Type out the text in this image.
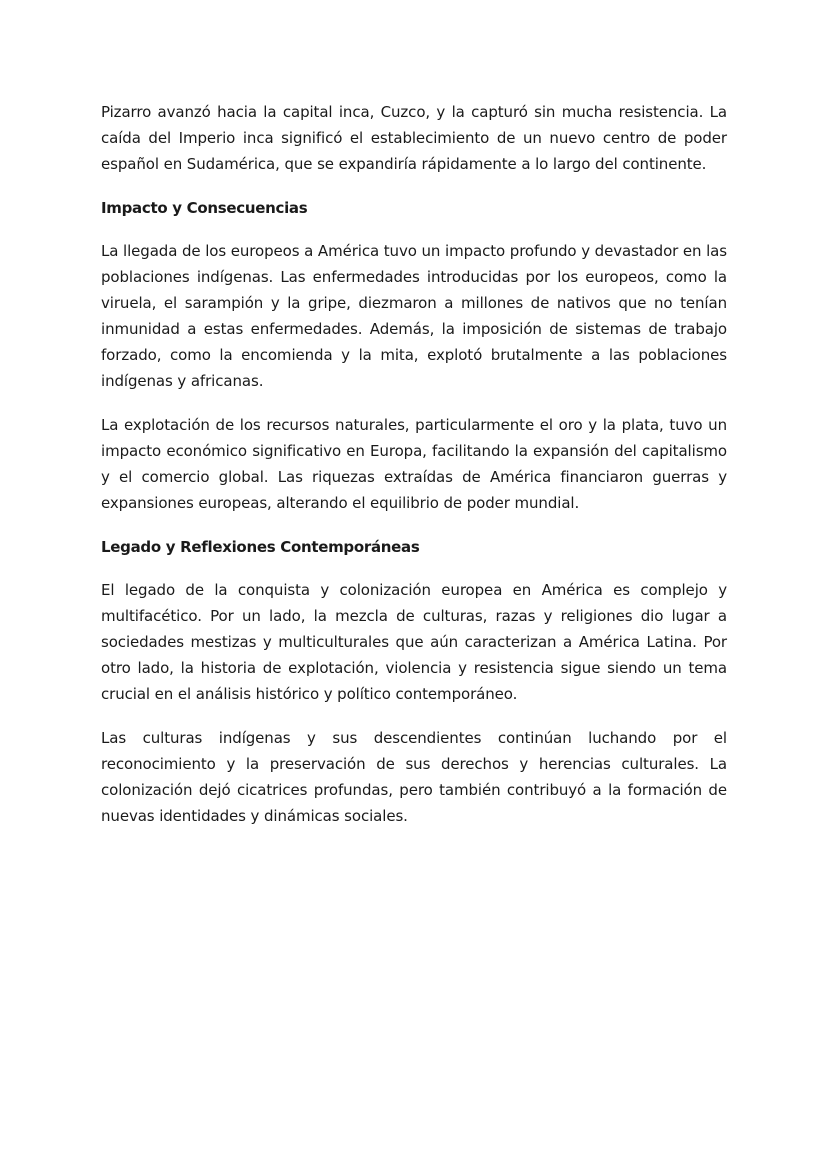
Pizarro avanzó hacia la capital inca, Cuzco, y la capturó sin mucha resistencia. La caída del Imperio inca significó el establecimiento de un nuevo centro de poder español en Sudamérica, que se expandiría rápidamente a lo largo del continente.

Impacto y Consecuencias

La llegada de los europeos a América tuvo un impacto profundo y devastador en las poblaciones indígenas. Las enfermedades introducidas por los europeos, como la viruela, el sarampión y la gripe, diezmaron a millones de nativos que no tenían inmunidad a estas enfermedades. Además, la imposición de sistemas de trabajo forzado, como la encomienda y la mita, explotó brutalmente a las poblaciones indígenas y africanas.

La explotación de los recursos naturales, particularmente el oro y la plata, tuvo un impacto económico significativo en Europa, facilitando la expansión del capitalismo y el comercio global. Las riquezas extraídas de América financiaron guerras y expansiones europeas, alterando el equilibrio de poder mundial.

Legado y Reflexiones Contemporáneas

El legado de la conquista y colonización europea en América es complejo y multifacético. Por un lado, la mezcla de culturas, razas y religiones dio lugar a sociedades mestizas y multiculturales que aún caracterizan a América Latina. Por otro lado, la historia de explotación, violencia y resistencia sigue siendo un tema crucial en el análisis histórico y político contemporáneo.

Las culturas indígenas y sus descendientes continúan luchando por el reconocimiento y la preservación de sus derechos y herencias culturales. La colonización dejó cicatrices profundas, pero también contribuyó a la formación de nuevas identidades y dinámicas sociales.
